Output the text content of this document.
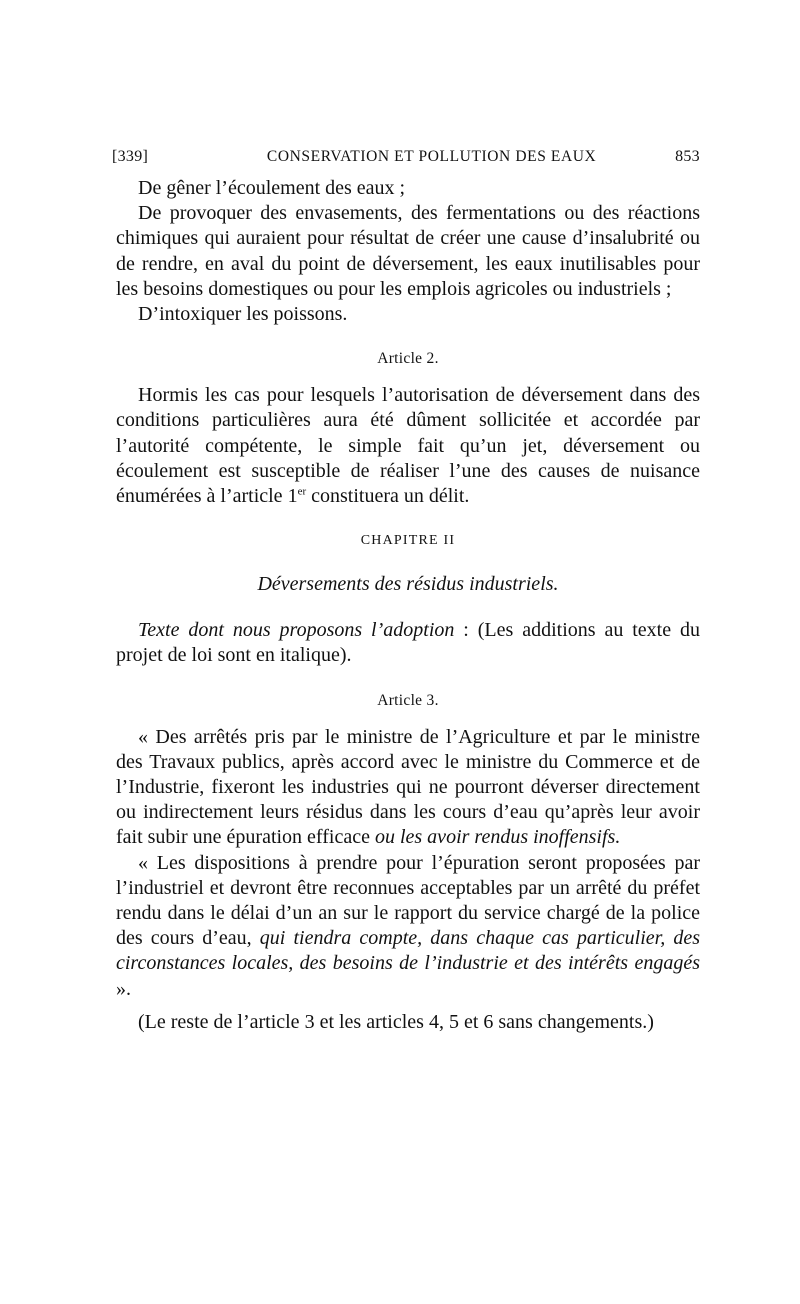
[339]	CONSERVATION ET POLLUTION DES EAUX	853

De gêner l’écoulement des eaux ;

De provoquer des envasements, des fermentations ou des réactions chimiques qui auraient pour résultat de créer une cause d’insalubrité ou de rendre, en aval du point de déversement, les eaux inutilisables pour les besoins domestiques ou pour les emplois agricoles ou industriels ;

D’intoxiquer les poissons.

Article 2.

Hormis les cas pour lesquels l’autorisation de déversement dans des conditions particulières aura été dûment sollicitée et accordée par l’autorité compétente, le simple fait qu’un jet, déversement ou écoulement est susceptible de réaliser l’une des causes de nuisance énumérées à l’article 1er constituera un délit.

CHAPITRE II
Déversements des résidus industriels.

Texte dont nous proposons l’adoption : (Les additions au texte du projet de loi sont en italique).

Article 3.

« Des arrêtés pris par le ministre de l’Agriculture et par le ministre des Travaux publics, après accord avec le ministre du Commerce et de l’Industrie, fixeront les industries qui ne pourront déverser directement ou indirectement leurs résidus dans les cours d’eau qu’après leur avoir fait subir une épuration efficace ou les avoir rendus inoffensifs.

« Les dispositions à prendre pour l’épuration seront proposées par l’industriel et devront être reconnues acceptables par un arrêté du préfet rendu dans le délai d’un an sur le rapport du service chargé de la police des cours d’eau, qui tiendra compte, dans chaque cas particulier, des circonstances locales, des besoins de l’industrie et des intérêts engagés ».

(Le reste de l’article 3 et les articles 4, 5 et 6 sans changements.)
